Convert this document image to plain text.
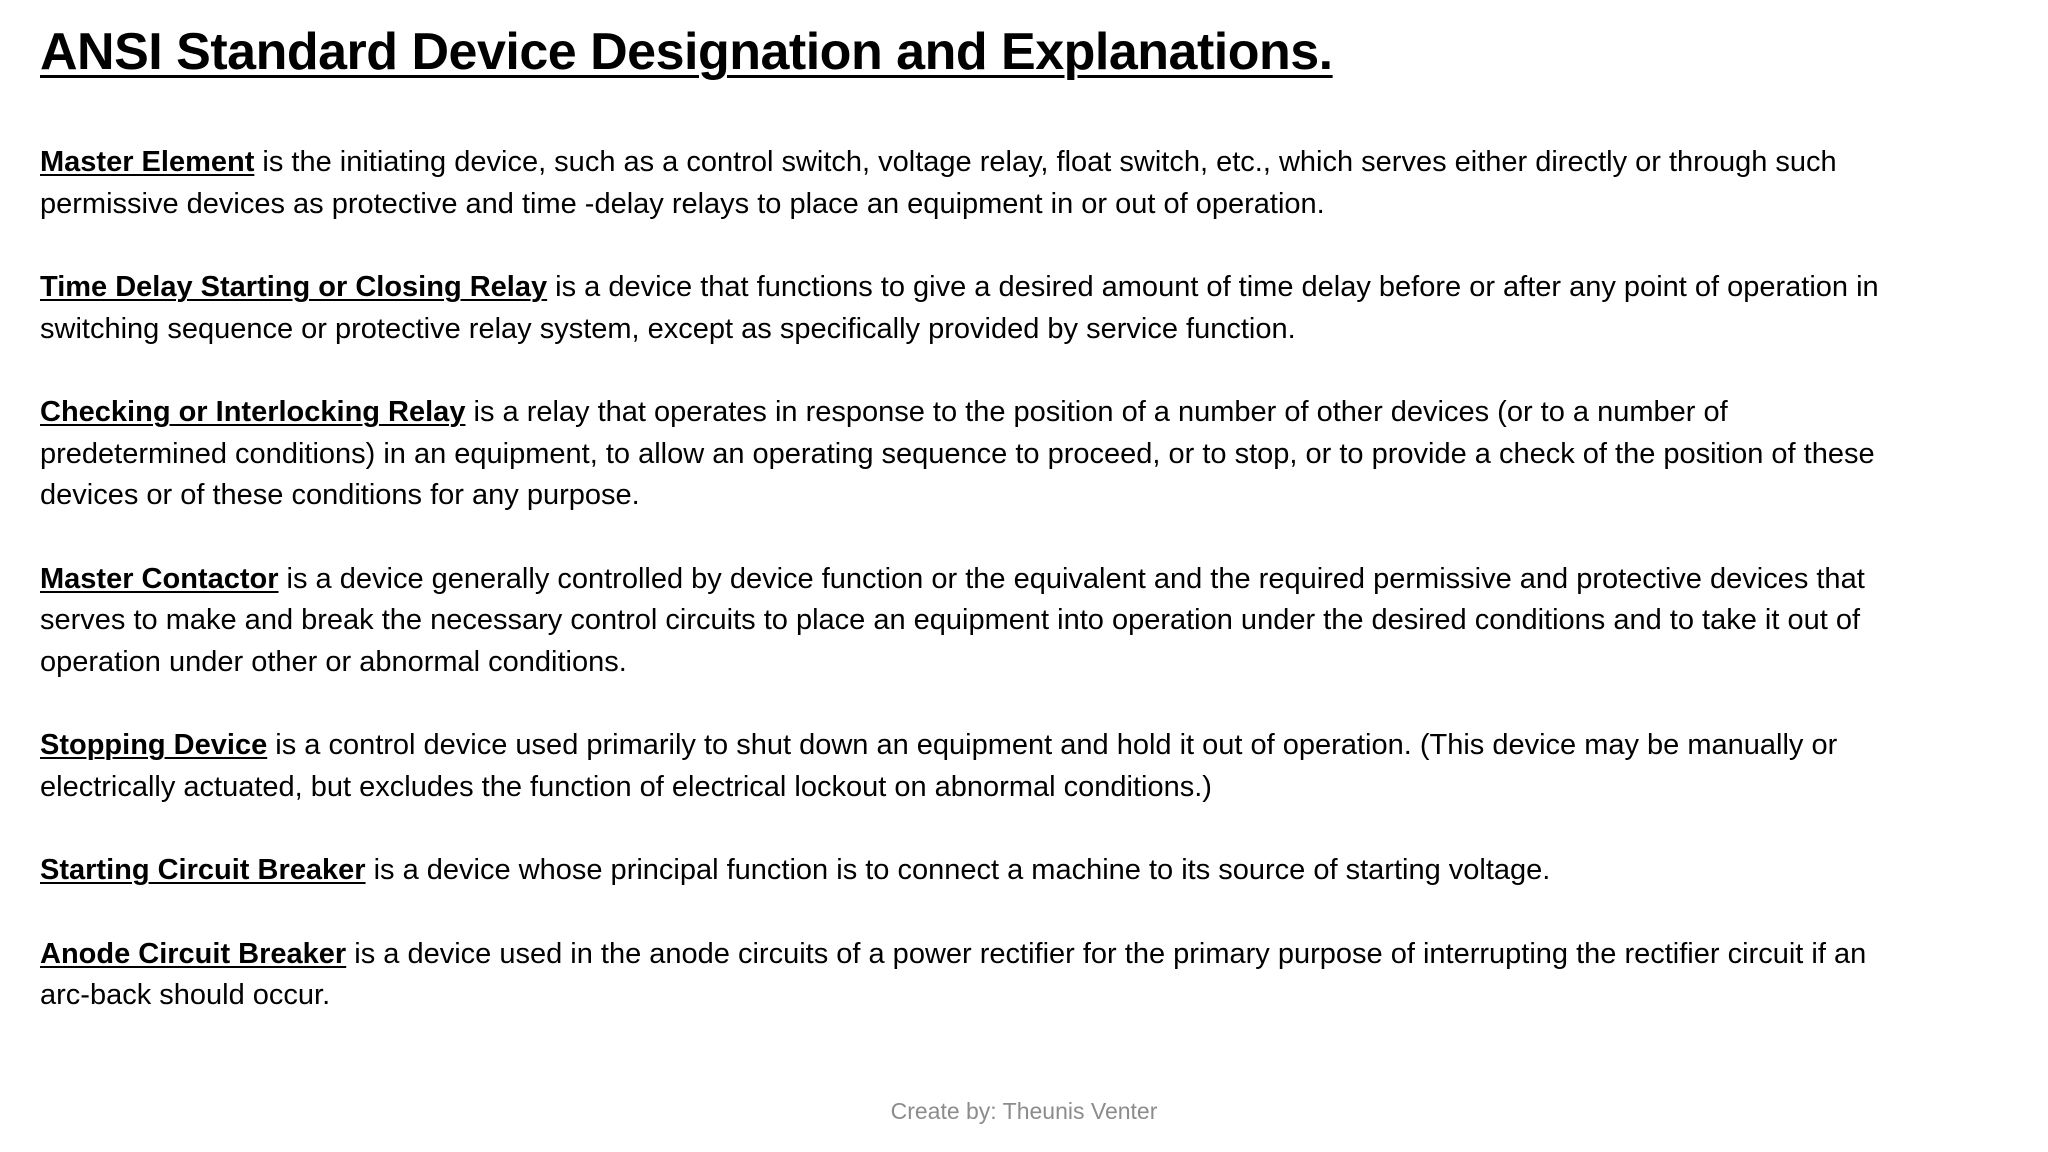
ANSI Standard Device Designation and Explanations.

Master Element is the initiating device, such as a control switch, voltage relay, float switch, etc., which serves either directly or through such permissive devices as protective and time -delay relays to place an equipment in or out of operation.

Time Delay Starting or Closing Relay is a device that functions to give a desired amount of time delay before or after any point of operation in switching sequence or protective relay system, except as specifically provided by service function.

Checking or Interlocking Relay is a relay that operates in response to the position of a number of other devices (or to a number of predetermined conditions) in an equipment, to allow an operating sequence to proceed, or to stop, or to provide a check of the position of these devices or of these conditions for any purpose.

Master Contactor is a device generally controlled by device function or the equivalent and the required permissive and protective devices that serves to make and break the necessary control circuits to place an equipment into operation under the desired conditions and to take it out of operation under other or abnormal conditions.

Stopping Device is a control device used primarily to shut down an equipment and hold it out of operation. (This device may be manually or electrically actuated, but excludes the function of electrical lockout on abnormal conditions.)

Starting Circuit Breaker is a device whose principal function is to connect a machine to its source of starting voltage.

Anode Circuit Breaker is a device used in the anode circuits of a power rectifier for the primary purpose of interrupting the rectifier circuit if an arc-back should occur.

Create by: Theunis Venter
